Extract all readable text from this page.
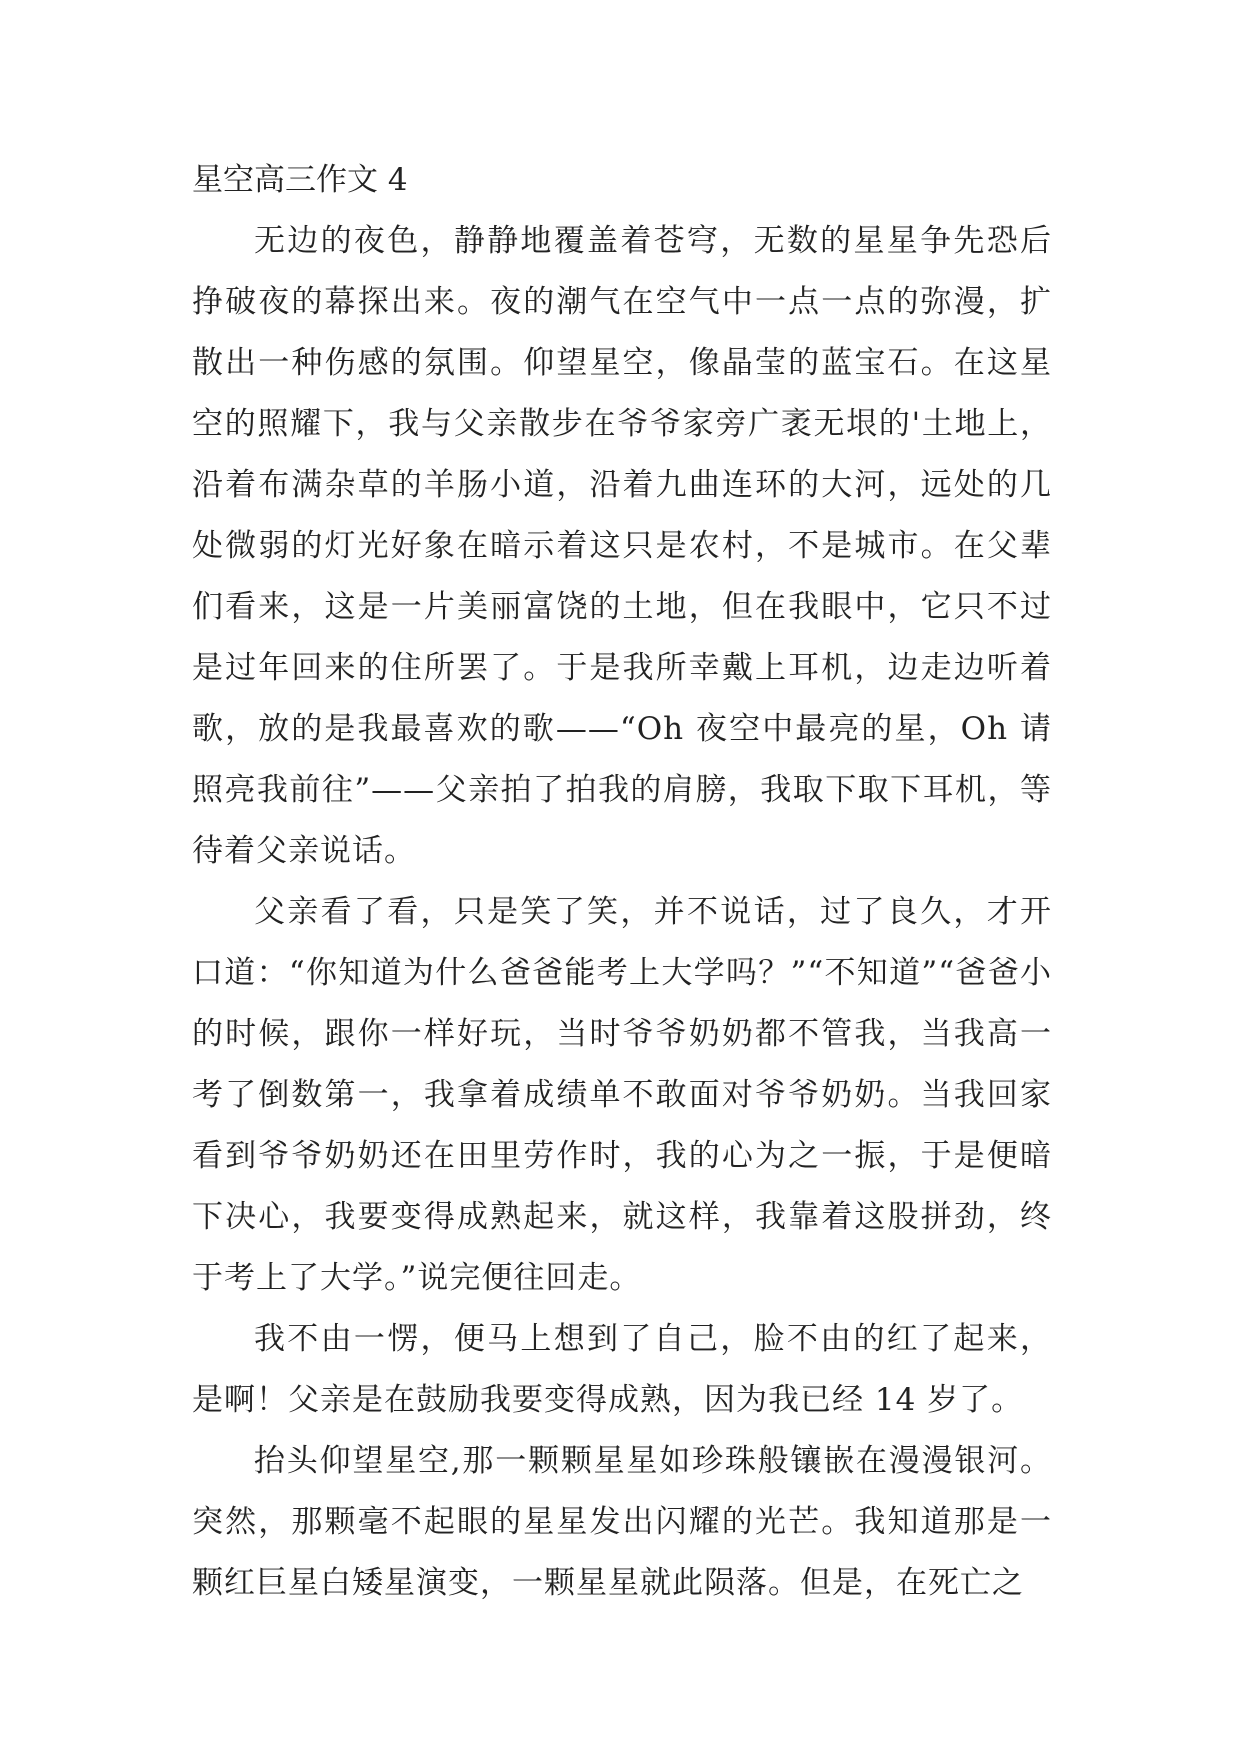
星空高三作文 4

无边的夜色，静静地覆盖着苍穹，无数的星星争先恐后挣破夜的幕探出来。夜的潮气在空气中一点一点的弥漫，扩散出一种伤感的氛围。仰望星空，像晶莹的蓝宝石。在这星空的照耀下，我与父亲散步在爷爷家旁广袤无垠的'土地上，沿着布满杂草的羊肠小道，沿着九曲连环的大河，远处的几处微弱的灯光好象在暗示着这只是农村，不是城市。在父辈们看来，这是一片美丽富饶的土地，但在我眼中，它只不过是过年回来的住所罢了。于是我所幸戴上耳机，边走边听着歌，放的是我最喜欢的歌——“Oh 夜空中最亮的星，Oh 请照亮我前往”——父亲拍了拍我的肩膀，我取下取下耳机，等待着父亲说话。

父亲看了看，只是笑了笑，并不说话，过了良久，才开口道：“你知道为什么爸爸能考上大学吗？”“不知道”“爸爸小的时候，跟你一样好玩，当时爷爷奶奶都不管我，当我高一考了倒数第一，我拿着成绩单不敢面对爷爷奶奶。当我回家看到爷爷奶奶还在田里劳作时，我的心为之一振，于是便暗下决心，我要变得成熟起来，就这样，我靠着这股拼劲，终于考上了大学。”说完便往回走。

我不由一愣，便马上想到了自己，脸不由的红了起来，是啊！父亲是在鼓励我要变得成熟，因为我已经 14 岁了。

抬头仰望星空,那一颗颗星星如珍珠般镶嵌在漫漫银河。突然，那颗毫不起眼的星星发出闪耀的光芒。我知道那是一颗红巨星白矮星演变，一颗星星就此陨落。但是，在死亡之
